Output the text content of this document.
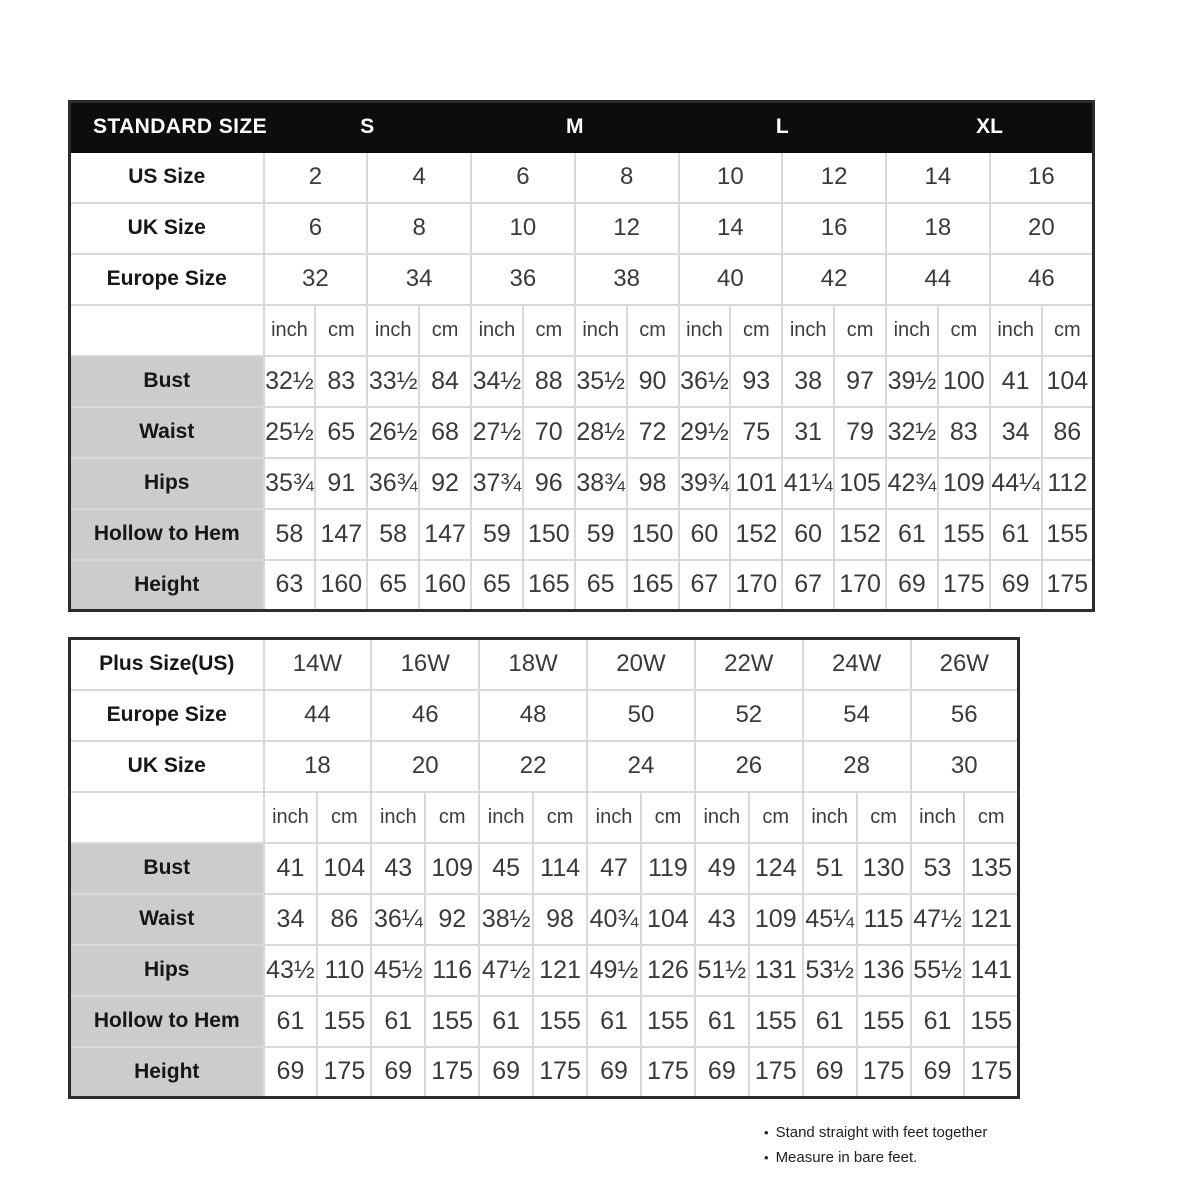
STANDARD SIZE	S				M				L				XL			
US Size	2		4		6		8		10		12		14		16	
UK Size	6		8		10		12		14		16		18		20	
Europe Size	32		34		36		38		40		42		44		46	
	inch	cm	inch	cm	inch	cm	inch	cm	inch	cm	inch	cm	inch	cm	inch	cm
Bust	32½	83	33½	84	34½	88	35½	90	36½	93	38	97	39½	100	41	104
Waist	25½	65	26½	68	27½	70	28½	72	29½	75	31	79	32½	83	34	86
Hips	35¾	91	36¾	92	37¾	96	38¾	98	39¾	101	41¼	105	42¾	109	44¼	112
Hollow to Hem	58	147	58	147	59	150	59	150	60	152	60	152	61	155	61	155
Height	63	160	65	160	65	165	65	165	67	170	67	170	69	175	69	175
Plus Size(US)	14W		16W		18W		20W		22W		24W		26W	
Europe Size	44		46		48		50		52		54		56	
UK Size	18		20		22		24		26		28		30	
	inch	cm	inch	cm	inch	cm	inch	cm	inch	cm	inch	cm	inch	cm
Bust	41	104	43	109	45	114	47	119	49	124	51	130	53	135
Waist	34	86	36¼	92	38½	98	40¾	104	43	109	45¼	115	47½	121
Hips	43½	110	45½	116	47½	121	49½	126	51½	131	53½	136	55½	141
Hollow to Hem	61	155	61	155	61	155	61	155	61	155	61	155	61	155
Height	69	175	69	175	69	175	69	175	69	175	69	175	69	175
• Stand straight with feet together
• Measure in bare feet.
